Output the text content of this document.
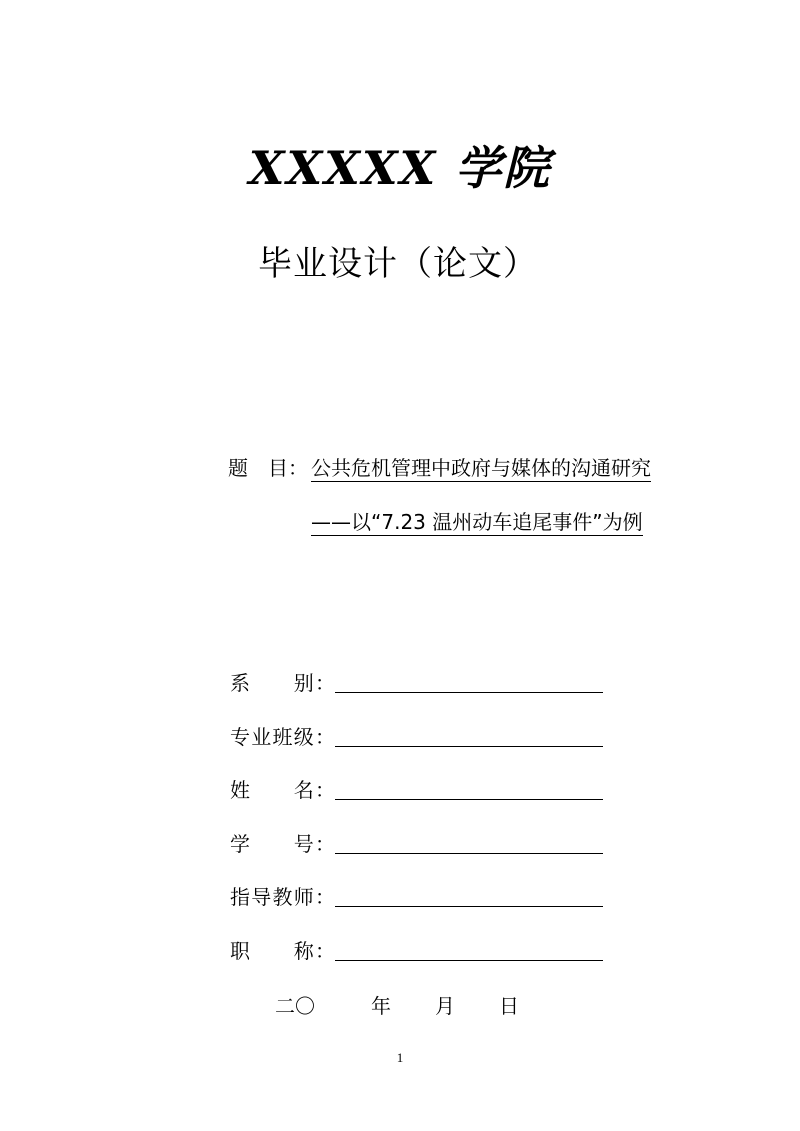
XXXXX 学院
毕业设计（论文）
题　目： 公共危机管理中政府与媒体的沟通研究
——以“7.23 温州动车追尾事件”为例
系　　别：
专业班级：
姓　　名：
学　　号：
指导教师：
职　　称：
二〇	年 月 日
1
